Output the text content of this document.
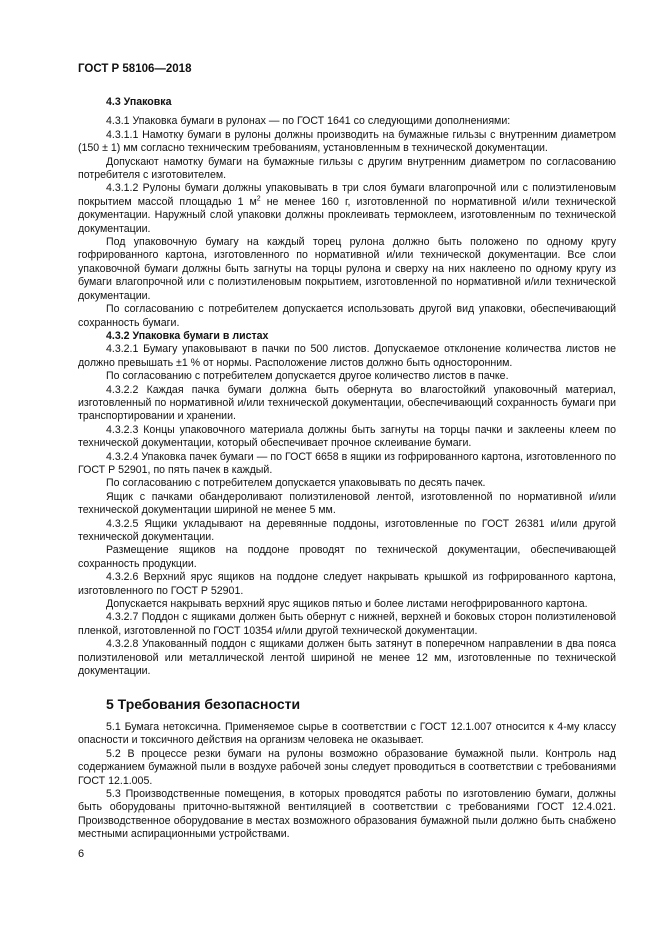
ГОСТ Р 58106—2018

4.3 Упаковка

4.3.1 Упаковка бумаги в рулонах — по ГОСТ 1641 со следующими дополнениями:

4.3.1.1 Намотку бумаги в рулоны должны производить на бумажные гильзы с внутренним диаметром (150 ± 1) мм согласно техническим требованиям, установленным в технической документации.

Допускают намотку бумаги на бумажные гильзы с другим внутренним диаметром по согласованию потребителя с изготовителем.

4.3.1.2 Рулоны бумаги должны упаковывать в три слоя бумаги влагопрочной или с полиэтиленовым покрытием массой площадью 1 $м^2$ не менее 160 г, изготовленной по нормативной и/или технической документации. Наружный слой упаковки должны проклеивать термоклеем, изготовленным по технической документации.

Под упаковочную бумагу на каждый торец рулона должно быть положено по одному кругу гофрированного картона, изготовленного по нормативной и/или технической документации. Все слои упаковочной бумаги должны быть загнуты на торцы рулона и сверху на них наклеено по одному кругу из бумаги влагопрочной или с полиэтиленовым покрытием, изготовленной по нормативной и/или технической документации.

По согласованию с потребителем допускается использовать другой вид упаковки, обеспечивающий сохранность бумаги.

4.3.2 Упаковка бумаги в листах

4.3.2.1 Бумагу упаковывают в пачки по 500 листов. Допускаемое отклонение количества листов не должно превышать ±1 % от нормы. Расположение листов должно быть односторонним.

По согласованию с потребителем допускается другое количество листов в пачке.

4.3.2.2 Каждая пачка бумаги должна быть обернута во влагостойкий упаковочный материал, изготовленный по нормативной и/или технической документации, обеспечивающий сохранность бумаги при транспортировании и хранении.

4.3.2.3 Концы упаковочного материала должны быть загнуты на торцы пачки и заклеены клеем по технической документации, который обеспечивает прочное склеивание бумаги.

4.3.2.4 Упаковка пачек бумаги — по ГОСТ 6658 в ящики из гофрированного картона, изготовленного по ГОСТ Р 52901, по пять пачек в каждый.

По согласованию с потребителем допускается упаковывать по десять пачек.

Ящик с пачками обандероливают полиэтиленовой лентой, изготовленной по нормативной и/или технической документации шириной не менее 5 мм.

4.3.2.5 Ящики укладывают на деревянные поддоны, изготовленные по ГОСТ 26381 и/или другой технической документации.

Размещение ящиков на поддоне проводят по технической документации, обеспечивающей сохранность продукции.

4.3.2.6 Верхний ярус ящиков на поддоне следует накрывать крышкой из гофрированного картона, изготовленного по ГОСТ Р 52901.

Допускается накрывать верхний ярус ящиков пятью и более листами негофрированного картона.

4.3.2.7 Поддон с ящиками должен быть обернут с нижней, верхней и боковых сторон полиэтиленовой пленкой, изготовленной по ГОСТ 10354 и/или другой технической документации.

4.3.2.8 Упакованный поддон с ящиками должен быть затянут в поперечном направлении в два пояса полиэтиленовой или металлической лентой шириной не менее 12 мм, изготовленные по технической документации.

5 Требования безопасности

5.1 Бумага нетоксична. Применяемое сырье в соответствии с ГОСТ 12.1.007 относится к 4-му классу опасности и токсичного действия на организм человека не оказывает.

5.2 В процессе резки бумаги на рулоны возможно образование бумажной пыли. Контроль над содержанием бумажной пыли в воздухе рабочей зоны следует проводиться в соответствии с требованиями ГОСТ 12.1.005.

5.3 Производственные помещения, в которых проводятся работы по изготовлению бумаги, должны быть оборудованы приточно-вытяжной вентиляцией в соответствии с требованиями ГОСТ 12.4.021. Производственное оборудование в местах возможного образования бумажной пыли должно быть снабжено местными аспирационными устройствами.

6
